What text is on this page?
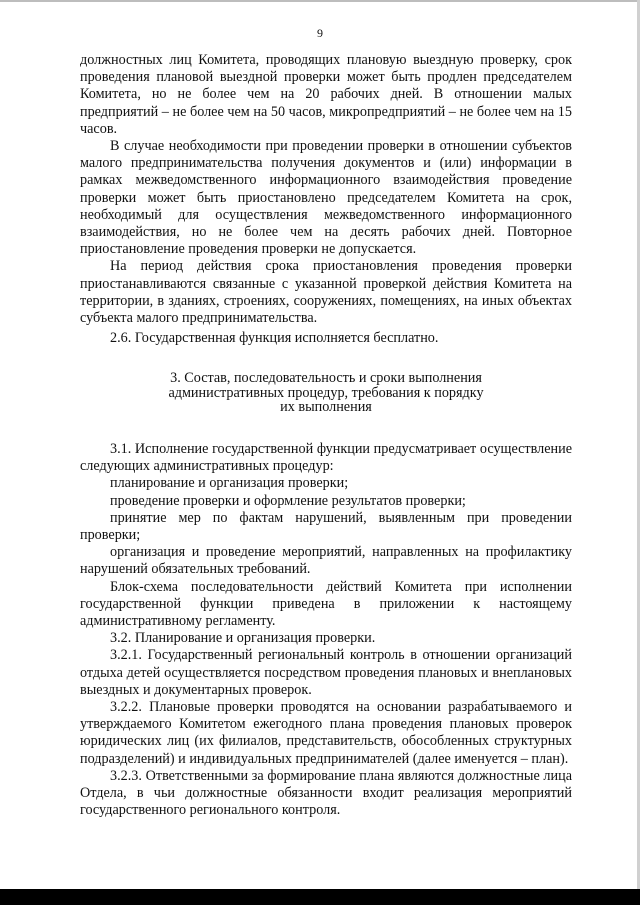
9

должностных лиц Комитета, проводящих плановую выездную проверку, срок проведения плановой выездной проверки может быть продлен председателем Комитета, но не более чем на 20 рабочих дней. В отношении малых предприятий – не более чем на 50 часов, микропредприятий – не более чем на 15 часов.

В случае необходимости при проведении проверки в отношении субъектов малого предпринимательства получения документов и (или) информации в рамках межведомственного информационного взаимодействия проведение проверки может быть приостановлено председателем Комитета на срок, необходимый для осуществления межведомственного информационного взаимодействия, но не более чем на десять рабочих дней. Повторное приостановление проведения проверки не допускается.

На период действия срока приостановления проведения проверки приостанавливаются связанные с указанной проверкой действия Комитета на территории, в зданиях, строениях, сооружениях, помещениях, на иных объектах субъекта малого предпринимательства.

2.6. Государственная функция исполняется бесплатно.

3. Состав, последовательность и сроки выполнения
административных процедур, требования к порядку
их выполнения

3.1. Исполнение государственной функции предусматривает осуществление следующих административных процедур:

планирование и организация проверки;

проведение проверки и оформление результатов проверки;

принятие мер по фактам нарушений, выявленным при проведении проверки;

организация и проведение мероприятий, направленных на профилактику нарушений обязательных требований.

Блок-схема последовательности действий Комитета при исполнении государственной функции приведена в приложении к настоящему административному регламенту.

3.2. Планирование и организация проверки.

3.2.1. Государственный региональный контроль в отношении организаций отдыха детей осуществляется посредством проведения плановых и внеплановых выездных и документарных проверок.

3.2.2. Плановые проверки проводятся на основании разрабатываемого и утверждаемого Комитетом ежегодного плана проведения плановых проверок юридических лиц (их филиалов, представительств, обособленных структурных подразделений) и индивидуальных предпринимателей (далее именуется – план).

3.2.3. Ответственными за формирование плана являются должностные лица Отдела, в чьи должностные обязанности входит реализация мероприятий государственного регионального контроля.
